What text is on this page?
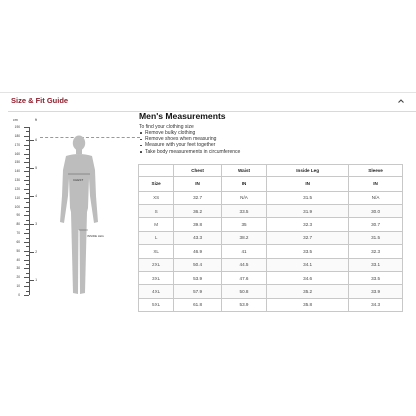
Size & Fit Guide
cm	ft
190
180
170
160
150
140
130
120
110
100
90
80
70
60
50
40
30
20
10
0
6
5
4
3
2
1
CHEST
INSIDE LEG
Men's Measurements
To find your clothing size
Remove bulky clothing
Remove shoes when measuring
Measure with your feet together
Take body measurements in circumference
	Chest	Waist	Inside Leg	Sleeve
Size	IN	IN	IN	IN
XS	32.7	N/A	31.5	N/A
S	36.2	33.5	31.9	30.0
M	39.8	35	32.3	30.7
L	43.3	38.2	32.7	31.5
XL	46.9	41	33.5	32.3
2XL	50.4	44.5	34.1	33.1
3XL	53.9	47.6	34.6	33.5
4XL	57.9	50.8	35.2	33.9
5XL	61.8	53.9	35.8	34.3
